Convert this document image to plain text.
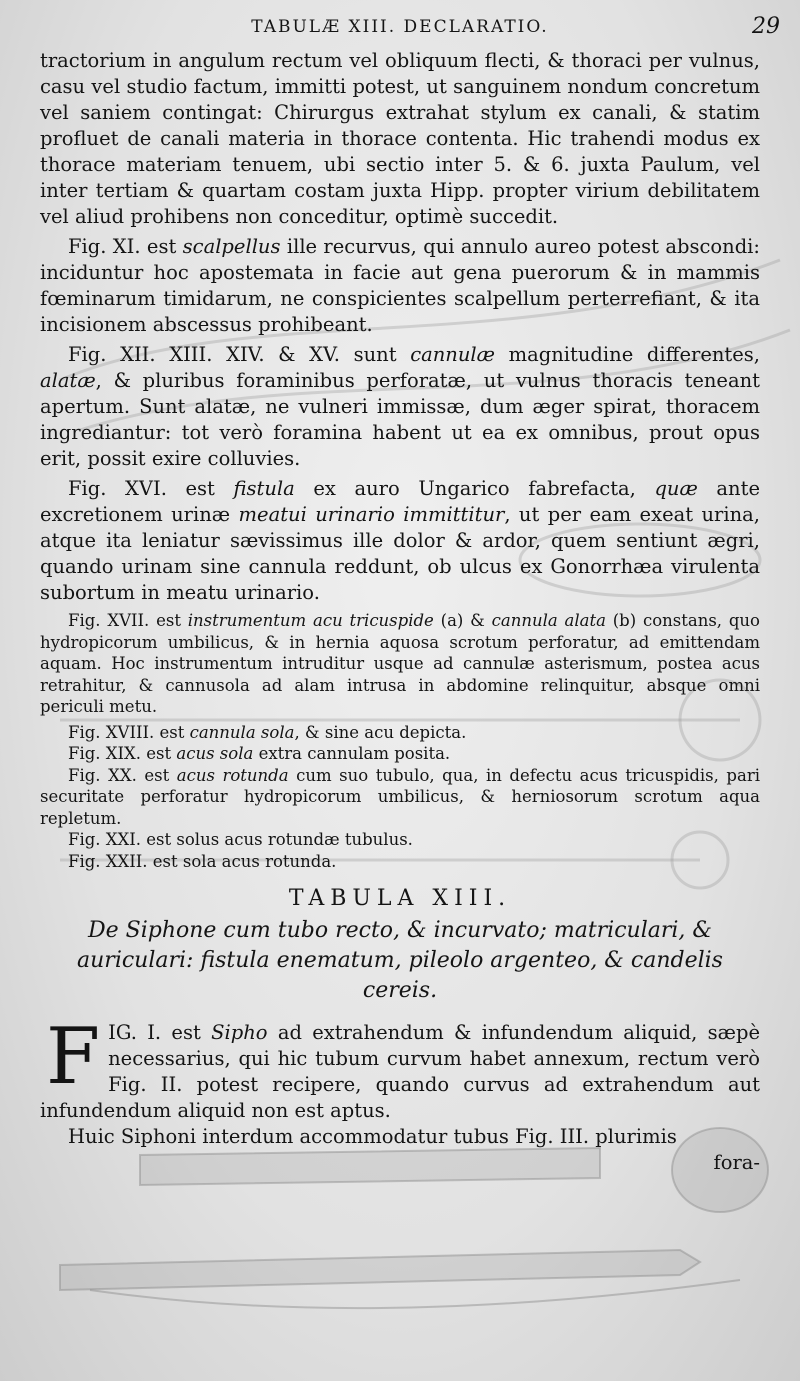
TABULÆ XIII. DECLARATIO.	29

tractorium in angulum rectum vel obliquum flecti, & thoraci per vulnus, casu vel studio factum, immitti potest, ut sanguinem nondum concretum vel saniem contingat: Chirurgus extrahat stylum ex canali, & statim profluet de canali materia in thorace contenta. Hic trahendi modus ex thorace materiam tenuem, ubi sectio inter 5. & 6. juxta Paulum, vel inter tertiam & quartam costam juxta Hipp. propter virium debilitatem vel aliud prohibens non conceditur, optimè succedit.

Fig. XI. est scalpellus ille recurvus, qui annulo aureo potest abscondi: inciduntur hoc apostemata in facie aut gena puerorum & in mammis fœminarum timidarum, ne conspicientes scalpellum perterrefiant, & ita incisionem abscessus prohibeant.

Fig. XII. XIII. XIV. & XV. sunt cannulæ magnitudine differentes, alatæ, & pluribus foraminibus perforatæ, ut vulnus thoracis teneant apertum. Sunt alatæ, ne vulneri immissæ, dum æger spirat, thoracem ingrediantur: tot verò foramina habent ut ea ex omnibus, prout opus erit, possit exire colluvies.

Fig. XVI. est fistula ex auro Ungarico fabrefacta, quæ ante excretionem urinæ meatui urinario immittitur, ut per eam exeat urina, atque ita leniatur sævissimus ille dolor & ardor, quem sentiunt ægri, quando urinam sine cannula reddunt, ob ulcus ex Gonorrhæa virulenta subortum in meatu urinario.

Fig. XVII. est instrumentum acu tricuspide (a) & cannula alata (b) constans, quo hydropicorum umbilicus, & in hernia aquosa scrotum perforatur, ad emittendam aquam. Hoc instrumentum intruditur usque ad cannulæ asterismum, postea acus retrahitur, & cannusola ad alam intrusa in abdomine relinquitur, absque omni periculi metu.

Fig. XVIII. est cannula sola, & sine acu depicta.

Fig. XIX. est acus sola extra cannulam posita.

Fig. XX. est acus rotunda cum suo tubulo, qua, in defectu acus tricuspidis, pari securitate perforatur hydropicorum umbilicus, & herniosorum scrotum aqua repletum.

Fig. XXI. est solus acus rotundæ tubulus.

Fig. XXII. est sola acus rotunda.

TABULA XIII.
De Siphone cum tubo recto, & incurvato; matriculari, & auriculari: fistula enematum, pileolo argenteo, & candelis cereis.

FIG. I. est Sipho ad extrahendum & infundendum aliquid, sæpè necessarius, qui hic tubum curvum habet annexum, rectum verò Fig. II. potest recipere, quando curvus ad extrahendum aut infundendum aliquid non est aptus.

Huic Siphoni interdum accommodatur tubus Fig. III. plurimis

fora-
